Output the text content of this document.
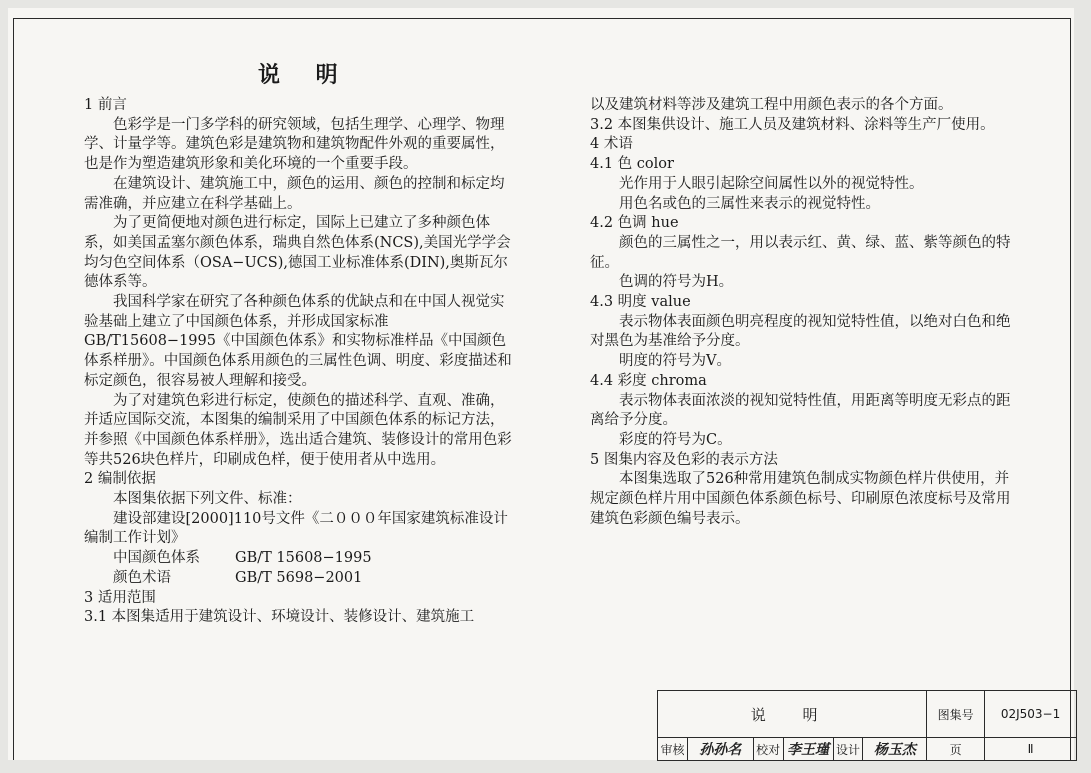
说 明

1 前言

色彩学是一门多学科的研究领域，包括生理学、心理学、物理学、计量学等。建筑色彩是建筑物和建筑物配件外观的重要属性，也是作为塑造建筑形象和美化环境的一个重要手段。

在建筑设计、建筑施工中，颜色的运用、颜色的控制和标定均需准确，并应建立在科学基础上。

为了更简便地对颜色进行标定，国际上已建立了多种颜色体系，如美国孟塞尔颜色体系，瑞典自然色体系(NCS),美国光学学会均匀色空间体系（OSA−UCS),德国工业标准体系(DIN),奥斯瓦尔德体系等。

我国科学家在研究了各种颜色体系的优缺点和在中国人视觉实验基础上建立了中国颜色体系，并形成国家标准GB/T15608−1995《中国颜色体系》和实物标准样品《中国颜色体系样册》。中国颜色体系用颜色的三属性色调、明度、彩度描述和标定颜色，很容易被人理解和接受。

为了对建筑色彩进行标定，使颜色的描述科学、直观、准确，并适应国际交流，本图集的编制采用了中国颜色体系的标记方法，并参照《中国颜色体系样册》，选出适合建筑、装修设计的常用色彩等共526块色样片，印刷成色样，便于使用者从中选用。

2 编制依据

本图集依据下列文件、标准：

建设部建设[2000]110号文件《二０００年国家建筑标准设计编制工作计划》

中国颜色体系	GB/T 15608−1995
颜色术语	GB/T 5698−2001

3 适用范围

3.1 本图集适用于建筑设计、环境设计、装修设计、建筑施工

以及建筑材料等涉及建筑工程中用颜色表示的各个方面。

3.2 本图集供设计、施工人员及建筑材料、涂料等生产厂使用。

4 术语

4.1 色 color

光作用于人眼引起除空间属性以外的视觉特性。

用色名或色的三属性来表示的视觉特性。

4.2 色调 hue

颜色的三属性之一，用以表示红、黄、绿、蓝、紫等颜色的特征。

色调的符号为H。

4.3 明度 value

表示物体表面颜色明亮程度的视知觉特性值，以绝对白色和绝对黑色为基准给予分度。

明度的符号为V。

4.4 彩度 chroma

表示物体表面浓淡的视知觉特性值，用距离等明度无彩点的距离给予分度。

彩度的符号为C。

5 图集内容及色彩的表示方法

本图集选取了526种常用建筑色制成实物颜色样片供使用，并规定颜色样片用中国颜色体系颜色标号、印刷原色浓度标号及常用建筑色彩颜色编号表示。

说 明						图集号	02J503−1
审核	孙孙名	校对	李王瑾	设计	杨玉杰	页	Ⅱ
